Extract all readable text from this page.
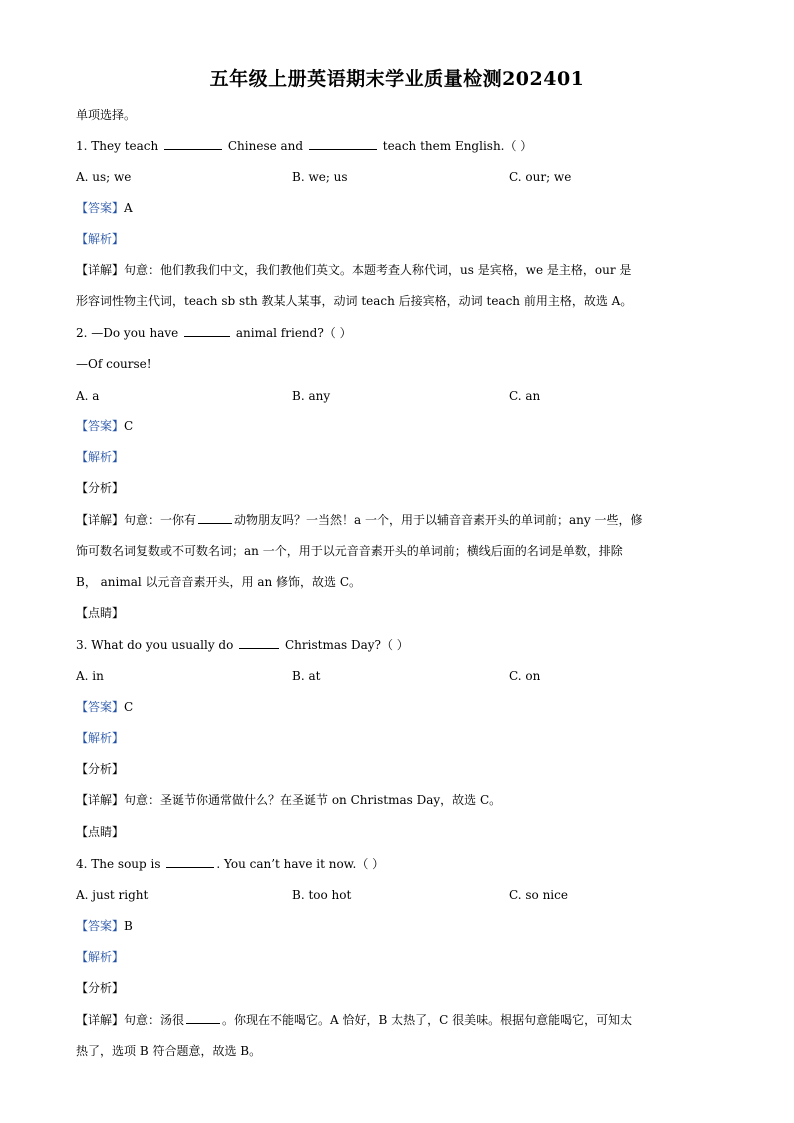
五年级上册英语期末学业质量检测202401
单项选择。
1. They teach	Chinese and	teach them English.（ ）
A. us; we	B. we; us	C. our; we
【答案】A
【解析】
【详解】句意：他们教我们中文，我们教他们英文。本题考查人称代词，us 是宾格，we 是主格，our 是
形容词性物主代词，teach sb sth 教某人某事，动词 teach 后接宾格，动词 teach 前用主格，故选 A。
2. —Do you have	animal friend?（ ）
—Of course!
A. a	B. any	C. an
【答案】C
【解析】
【分析】
【详解】句意：一你有	动物朋友吗？一当然！a 一个，用于以辅音音素开头的单词前；any 一些，修
饰可数名词复数或不可数名词；an 一个，用于以元音音素开头的单词前；横线后面的名词是单数，排除
B， animal 以元音音素开头，用 an 修饰，故选 C。
【点睛】
3. What do you usually do	Christmas Day?（ ）
A. in	B. at	C. on
【答案】C
【解析】
【分析】
【详解】句意：圣诞节你通常做什么？在圣诞节 on Christmas Day，故选 C。
【点睛】
4. The soup is	. You can’t have it now.（ ）
A. just right	B. too hot	C. so nice
【答案】B
【解析】
【分析】
【详解】句意：汤很	。你现在不能喝它。A 恰好，B 太热了，C 很美味。根据句意能喝它，可知太
热了，选项 B 符合题意，故选 B。
